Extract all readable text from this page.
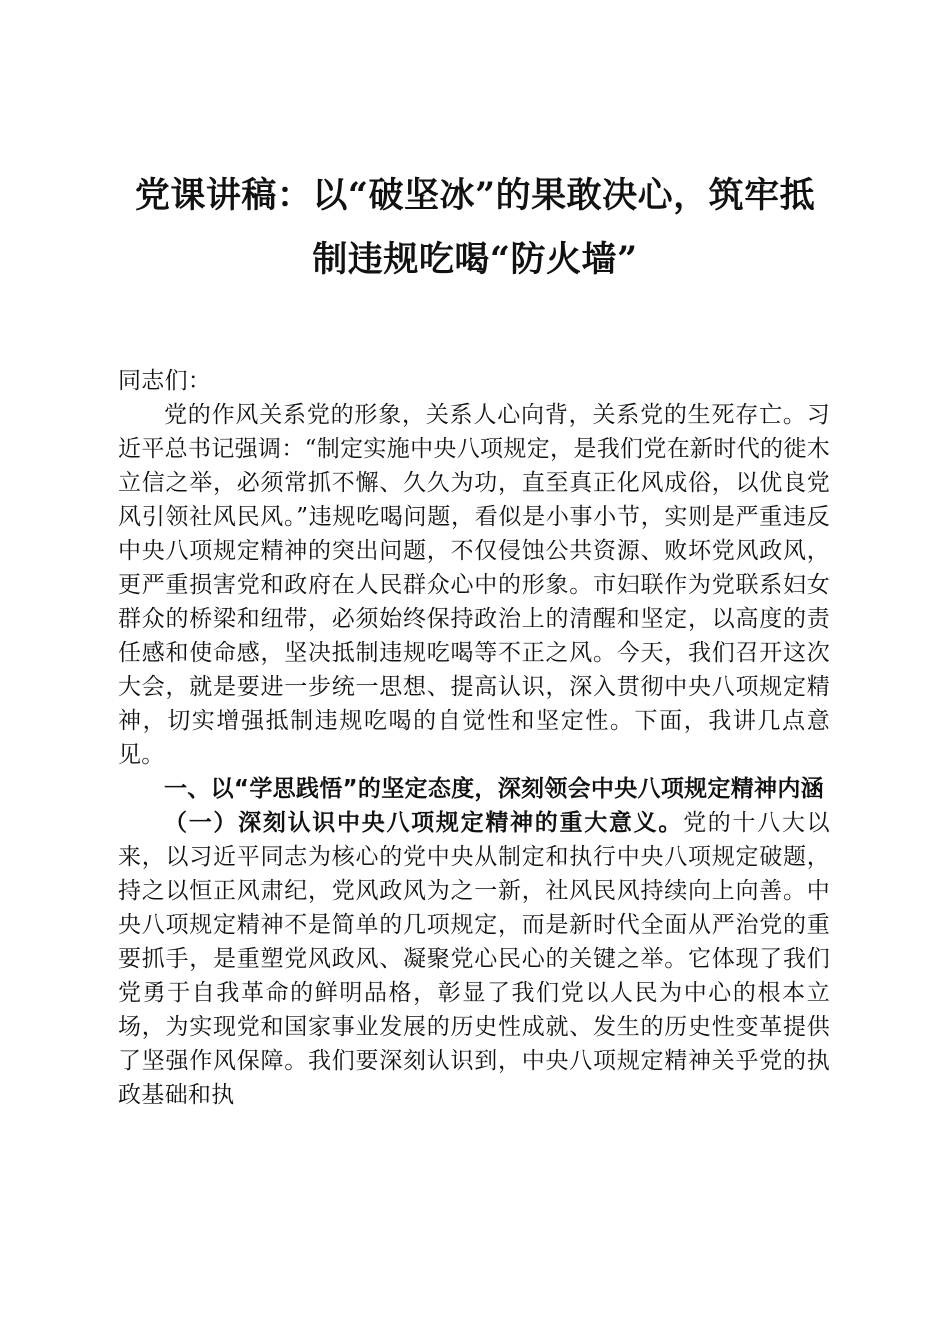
党课讲稿：以“破坚冰”的果敢决心，筑牢抵
制违规吃喝“防火墙”

同志们：

党的作风关系党的形象，关系人心向背，关系党的生死存亡。习近平总书记强调：“制定实施中央八项规定，是我们党在新时代的徙木立信之举，必须常抓不懈、久久为功，直至真正化风成俗，以优良党风引领社风民风。”违规吃喝问题，看似是小事小节，实则是严重违反中央八项规定精神的突出问题，不仅侵蚀公共资源、败坏党风政风，更严重损害党和政府在人民群众心中的形象。市妇联作为党联系妇女群众的桥梁和纽带，必须始终保持政治上的清醒和坚定，以高度的责任感和使命感，坚决抵制违规吃喝等不正之风。今天，我们召开这次大会，就是要进一步统一思想、提高认识，深入贯彻中央八项规定精神，切实增强抵制违规吃喝的自觉性和坚定性。下面，我讲几点意见。

一、以“学思践悟”的坚定态度，深刻领会中央八项规定精神内涵

（一）深刻认识中央八项规定精神的重大意义。党的十八大以来，以习近平同志为核心的党中央从制定和执行中央八项规定破题，持之以恒正风肃纪，党风政风为之一新，社风民风持续向上向善。中央八项规定精神不是简单的几项规定，而是新时代全面从严治党的重要抓手，是重塑党风政风、凝聚党心民心的关键之举。它体现了我们党勇于自我革命的鲜明品格，彰显了我们党以人民为中心的根本立场，为实现党和国家事业发展的历史性成就、发生的历史性变革提供了坚强作风保障。我们要深刻认识到，中央八项规定精神关乎党的执政基础和执
